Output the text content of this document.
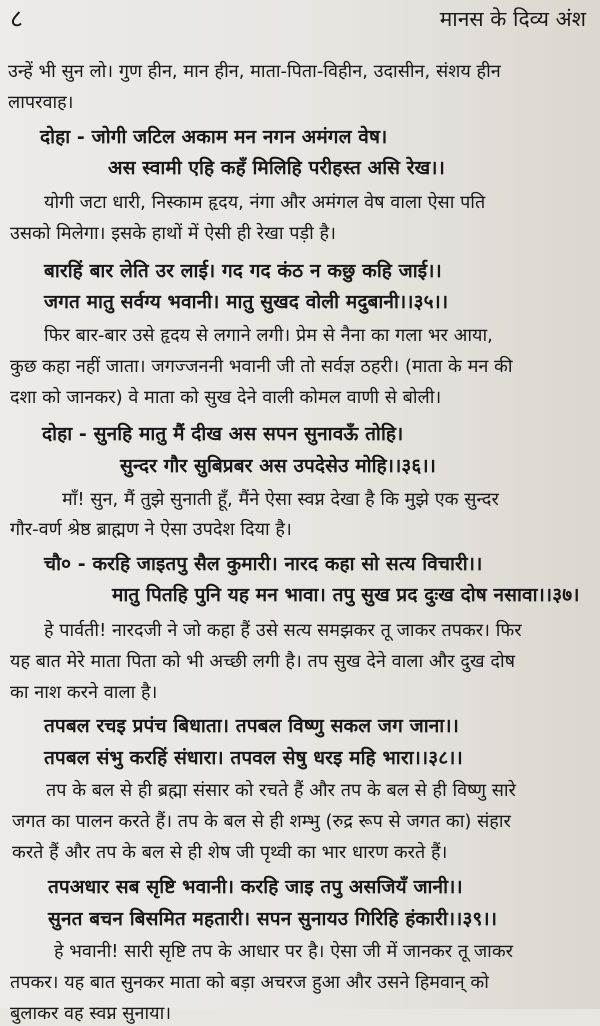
८	मानस के दिव्य अंश
उन्हें भी सुन लो। गुण हीन, मान हीन, माता-पिता-विहीन, उदासीन, संशय हीन
लापरवाह।
दोहा - जोगी जटिल अकाम मन नगन अमंगल वेष।
अस स्वामी एहि कहँ मिलिहि परीहस्त असि रेख।।
योगी जटा धारी, निस्काम हृदय, नंगा और अमंगल वेष वाला ऐसा पति
उसको मिलेगा। इसके हाथों में ऐसी ही रेखा पड़ी है।
बारहिं बार लेति उर लाई। गद गद कंठ न कछु कहि जाई।।
जगत मातु सर्वग्य भवानी। मातु सुखद वोली मदुबानी।।३५।।
फिर बार-बार उसे हृदय से लगाने लगी। प्रेम से नैना का गला भर आया,
कुछ कहा नहीं जाता। जगज्जननी भवानी जी तो सर्वज्ञ ठहरी। (माता के मन की
दशा को जानकर) वे माता को सुख देने वाली कोमल वाणी से बोली।
दोहा - सुनहि मातु मैं दीख अस सपन सुनावऊँ तोहि।
सुन्दर गौर सुबिप्रबर अस उपदेसेउ मोहि।।३६।।
माँ! सुन, मैं तुझे सुनाती हूँ, मैंने ऐसा स्वप्न देखा है कि मुझे एक सुन्दर
गौर-वर्ण श्रेष्ठ ब्राह्मण ने ऐसा उपदेश दिया है।
चौ० - करहि जाइतपु सैल कुमारी। नारद कहा सो सत्य विचारी।।
मातु पितहि पुनि यह मन भावा। तपु सुख प्रद दुःख दोष नसावा।।३७।
हे पार्वती! नारदजी ने जो कहा हैं उसे सत्य समझकर तू जाकर तपकर। फिर
यह बात मेरे माता पिता को भी अच्छी लगी है। तप सुख देने वाला और दुख दोष
का नाश करने वाला है।
तपबल रचइ प्रपंच बिधाता। तपबल विष्णु सकल जग जाना।।
तपबल संभु करहिं संधारा। तपवल सेषु धरइ महि भारा।।३८।।
तप के बल से ही ब्रह्मा संसार को रचते हैं और तप के बल से ही विष्णु सारे
जगत का पालन करते हैं। तप के बल से ही शम्भु (रुद्र रूप से जगत का) संहार
करते हैं और तप के बल से ही शेष जी पृथ्वी का भार धारण करते हैं।
तपअधार सब सृष्टि भवानी। करहि जाइ तपु असजियँ जानी।।
सुनत बचन बिसमित महतारी। सपन सुनायउ गिरिहि हंकारी।।३९।।
हे भवानी! सारी सृष्टि तप के आधार पर है। ऐसा जी में जानकर तू जाकर
तपकर। यह बात सुनकर माता को बड़ा अचरज हुआ और उसने हिमवान् को
बुलाकर वह स्वप्न सुनाया।
